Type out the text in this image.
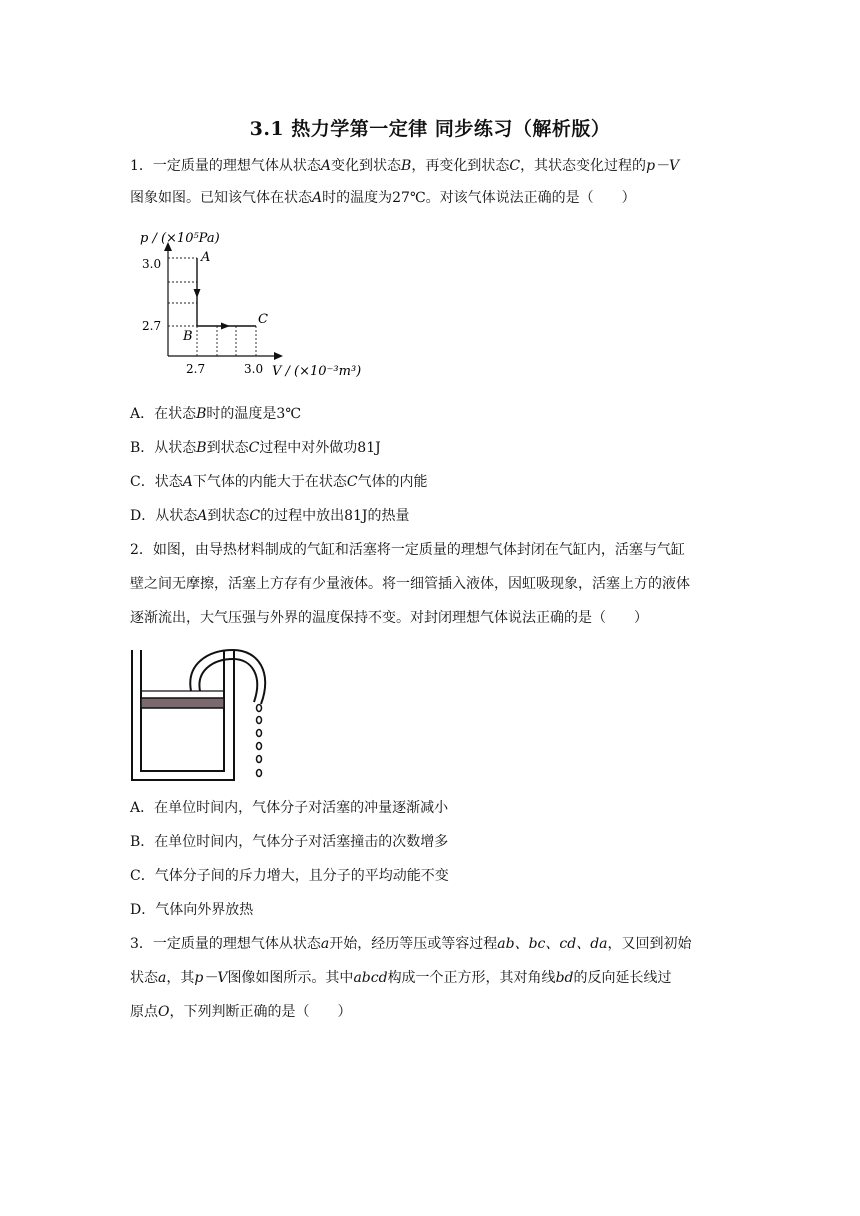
3.1 热力学第一定律 同步练习（解析版）
1．一定质量的理想气体从状态A变化到状态B，再变化到状态C，其状态变化过程的p－V
图象如图。已知该气体在状态A时的温度为27℃。对该气体说法正确的是（　　）
p / (×10⁵Pa)
3.0
2.7
2.7	3.0 V / (×10⁻³m³)
A
B
C
A．在状态B时的温度是3℃
B．从状态B到状态C过程中对外做功81J
C．状态A下气体的内能大于在状态C气体的内能
D．从状态A到状态C的过程中放出81J的热量
2．如图，由导热材料制成的气缸和活塞将一定质量的理想气体封闭在气缸内，活塞与气缸
壁之间无摩擦，活塞上方存有少量液体。将一细管插入液体，因虹吸现象，活塞上方的液体
逐渐流出，大气压强与外界的温度保持不变。对封闭理想气体说法正确的是（　　）
A．在单位时间内，气体分子对活塞的冲量逐渐减小
B．在单位时间内，气体分子对活塞撞击的次数增多
C．气体分子间的斥力增大，且分子的平均动能不变
D．气体向外界放热
3．一定质量的理想气体从状态a开始，经历等压或等容过程ab、bc、cd、da，又回到初始
状态a，其p－V图像如图所示。其中abcd构成一个正方形，其对角线bd的反向延长线过
原点O，下列判断正确的是（　　）
